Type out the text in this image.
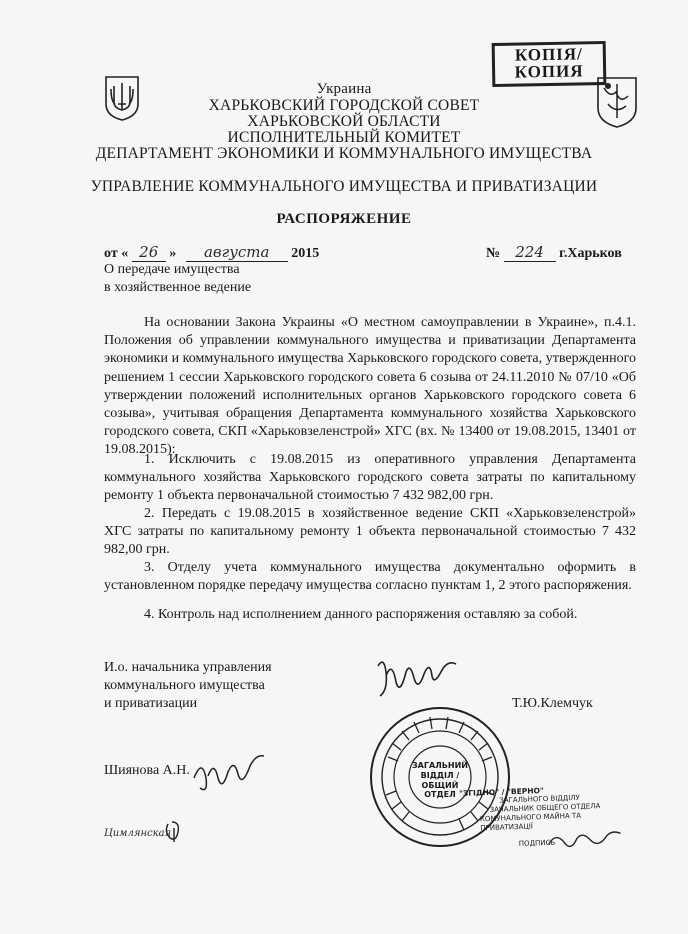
КОПІЯ/
КОПИЯ
Украина
ХАРЬКОВСКИЙ ГОРОДСКОЙ СОВЕТ
ХАРЬКОВСКОЙ ОБЛАСТИ
ИСПОЛНИТЕЛЬНЫЙ КОМИТЕТ
ДЕПАРТАМЕНТ ЭКОНОМИКИ И КОММУНАЛЬНОГО ИМУЩЕСТВА
УПРАВЛЕНИЕ КОММУНАЛЬНОГО ИМУЩЕСТВА И ПРИВАТИЗАЦИИ
РАСПОРЯЖЕНИЕ
от « 26 » августа 2015	№ 224 г.Харьков
О передаче имущества
в хозяйственное ведение

На основании Закона Украины «О местном самоуправлении в Украине», п.4.1. Положения об управлении коммунального имущества и приватизации Департамента экономики и коммунального имущества Харьковского городского совета, утвержденного решением 1 сессии Харьковского городского совета 6 созыва от 24.11.2010 № 07/10 «Об утверждении положений исполнительных органов Харьковского городского совета 6 созыва», учитывая обращения Департамента коммунального хозяйства Харьковского городского совета, СКП «Харьковзеленстрой» ХГС (вх. № 13400 от 19.08.2015, 13401 от 19.08.2015):

1. Исключить с 19.08.2015 из оперативного управления Департамента коммунального хозяйства Харьковского городского совета затраты по капитальному ремонту 1 объекта первоначальной стоимостью 7 432 982,00 грн.

2. Передать с 19.08.2015 в хозяйственное ведение СКП «Харьковзеленстрой» ХГС затраты по капитальному ремонту 1 объекта первоначальной стоимостью 7 432 982,00 грн.

3. Отделу учета коммунального имущества документально оформить в установленном порядке передачу имущества согласно пунктам 1, 2 этого распоряжения.

4. Контроль над исполнением данного распоряжения оставляю за собой.

И.о. начальника управления
коммунального имущества
и приватизации	Т.Ю.Клемчук
Шиянова А.Н.
Цимлянская
ЗАГАЛЬНИЙ
ВІДДІЛ /
ОБЩИЙ ОТДЕЛ "ЗГІДНО" / "ВЕРНО"
ЗАГАЛЬНОГО ВІДДІЛУ
ЗАЧАЛЬНИК ОБЩЕГО ОТДЕЛА
КОМУНАЛЬНОГО МАЙНА ТА ПРИВАТИЗАЦІЇ
ПОДПИСЬ
